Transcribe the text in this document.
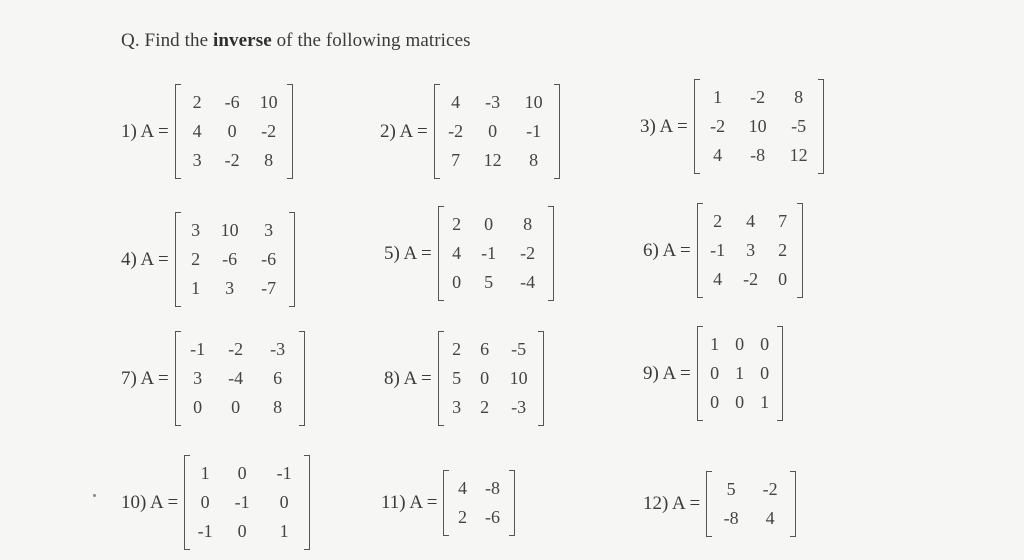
Q. Find the inverse of the following matrices
1) A =
2	-6	10
4	0	-2
3	-2	8
2) A =
4	-3	10
-2	0	-1
7	12	8
3) A =
1	-2	8
-2	10	-5
4	-8	12
4) A =
3	10	3
2	-6	-6
1	3	-7
5) A =
2	0	8
4	-1	-2
0	5	-4
6) A =
2	4	7
-1	3	2
4	-2	0
7) A =
-1	-2	-3
3	-4	6
0	0	8
8) A =
2	6	-5
5	0	10
3	2	-3
9) A =
1 0 0
0 1 0
0 0 1
10) A =
1	0	-1
0	-1	0
-1	0	1
11) A =
4	-8
2	-6
12) A =
5	-2
-8	4
